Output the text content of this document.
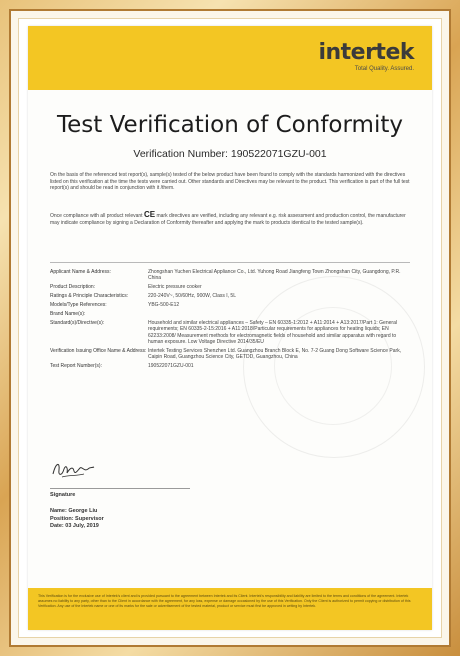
intertek
Total Quality. Assured.
Test Verification of Conformity
Verification Number: 190522071GZU-001
On the basis of the referenced test report(s), sample(s) tested of the below product have been found to comply with the standards harmonized with the directives listed on this verification at the time the tests were carried out. Other standards and Directives may be relevant to the product. This verification is part of the full test report(s) and should be read in conjunction with it /them.
Once compliance with all product relevant CE mark directives are verified, including any relevant e.g. risk assessment and production control, the manufacturer may indicate compliance by signing a Declaration of Conformity thereafter and applying the mark to products identical to the tested sample(s).
Applicant Name & Address:	Zhongshan Yuchen Electrical Appliance Co., Ltd. Yuhong Road Jiangfeng Town Zhongshan City, Guangdong, P.R. China
Product Description:	Electric pressure cooker
Ratings & Principle Characteristics:	220-240V~, 50/60Hz, 900W, Class I, 5L
Models/Type References:	YBG-500-E12
Brand Name(s):
Standard(s)/Directive(s):	Household and similar electrical appliances – Safety – EN 60335-1:2012 + A11:2014 + A13:2017/Part 1: General requirements; EN 60335-2-15:2016 + A11:2018/Particular requirements for appliances for heating liquids; EN 62233:2008/ Measurement methods for electromagnetic fields of household and similar apparatus with regard to human exposure. Low Voltage Directive 2014/35/EU
Verification Issuing Office Name & Address: Intertek Testing Services Shenzhen Ltd. Guangzhou Branch Block E, No. 7-2 Guang Dong Software Science Park, Caipin Road, Guangzhou Science City, GETDD, Guangzhou, China
Test Report Number(s):	190522071GZU-001
Signature
Name: George Liu
Position: Supervisor
Date: 03 July, 2019
This Verification is for the exclusive use of Intertek's client and is provided pursuant to the agreement between Intertek and its Client. Intertek's responsibility and liability are limited to the terms and conditions of the agreement. Intertek assumes no liability to any party, other than to the Client in accordance with the agreement, for any loss, expense or damage occasioned by the use of this Verification. Only the Client is authorized to permit copying or distribution of this Verification. Any use of the Intertek name or one of its marks for the sale or advertisement of the tested material, product or service must first be approved in writing by Intertek.
